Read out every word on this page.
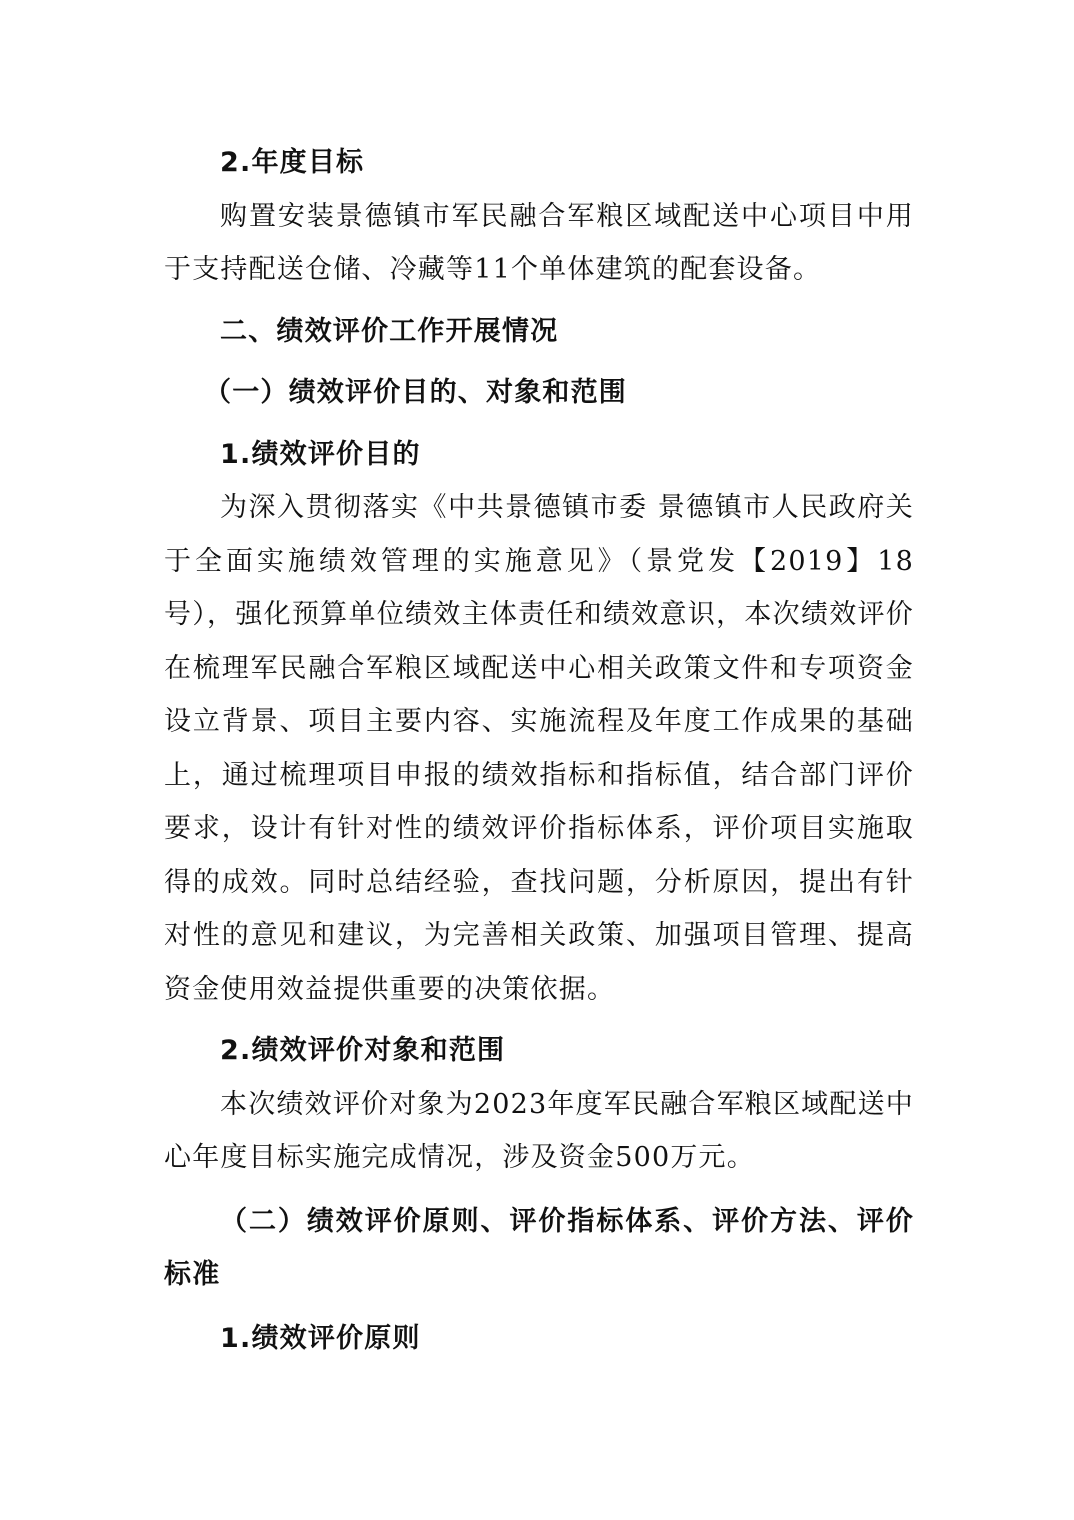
2.年度目标

购置安装景德镇市军民融合军粮区域配送中心项目中用于支持配送仓储、冷藏等11个单体建筑的配套设备。

二、绩效评价工作开展情况

（一）绩效评价目的、对象和范围

1.绩效评价目的

为深入贯彻落实《中共景德镇市委 景德镇市人民政府关于全面实施绩效管理的实施意见》（景党发【2019】18号），强化预算单位绩效主体责任和绩效意识，本次绩效评价在梳理军民融合军粮区域配送中心相关政策文件和专项资金设立背景、项目主要内容、实施流程及年度工作成果的基础上，通过梳理项目申报的绩效指标和指标值，结合部门评价要求，设计有针对性的绩效评价指标体系，评价项目实施取得的成效。同时总结经验，查找问题，分析原因，提出有针对性的意见和建议，为完善相关政策、加强项目管理、提高资金使用效益提供重要的决策依据。

2.绩效评价对象和范围

本次绩效评价对象为2023年度军民融合军粮区域配送中心年度目标实施完成情况，涉及资金500万元。

（二）绩效评价原则、评价指标体系、评价方法、评价标准

1.绩效评价原则
